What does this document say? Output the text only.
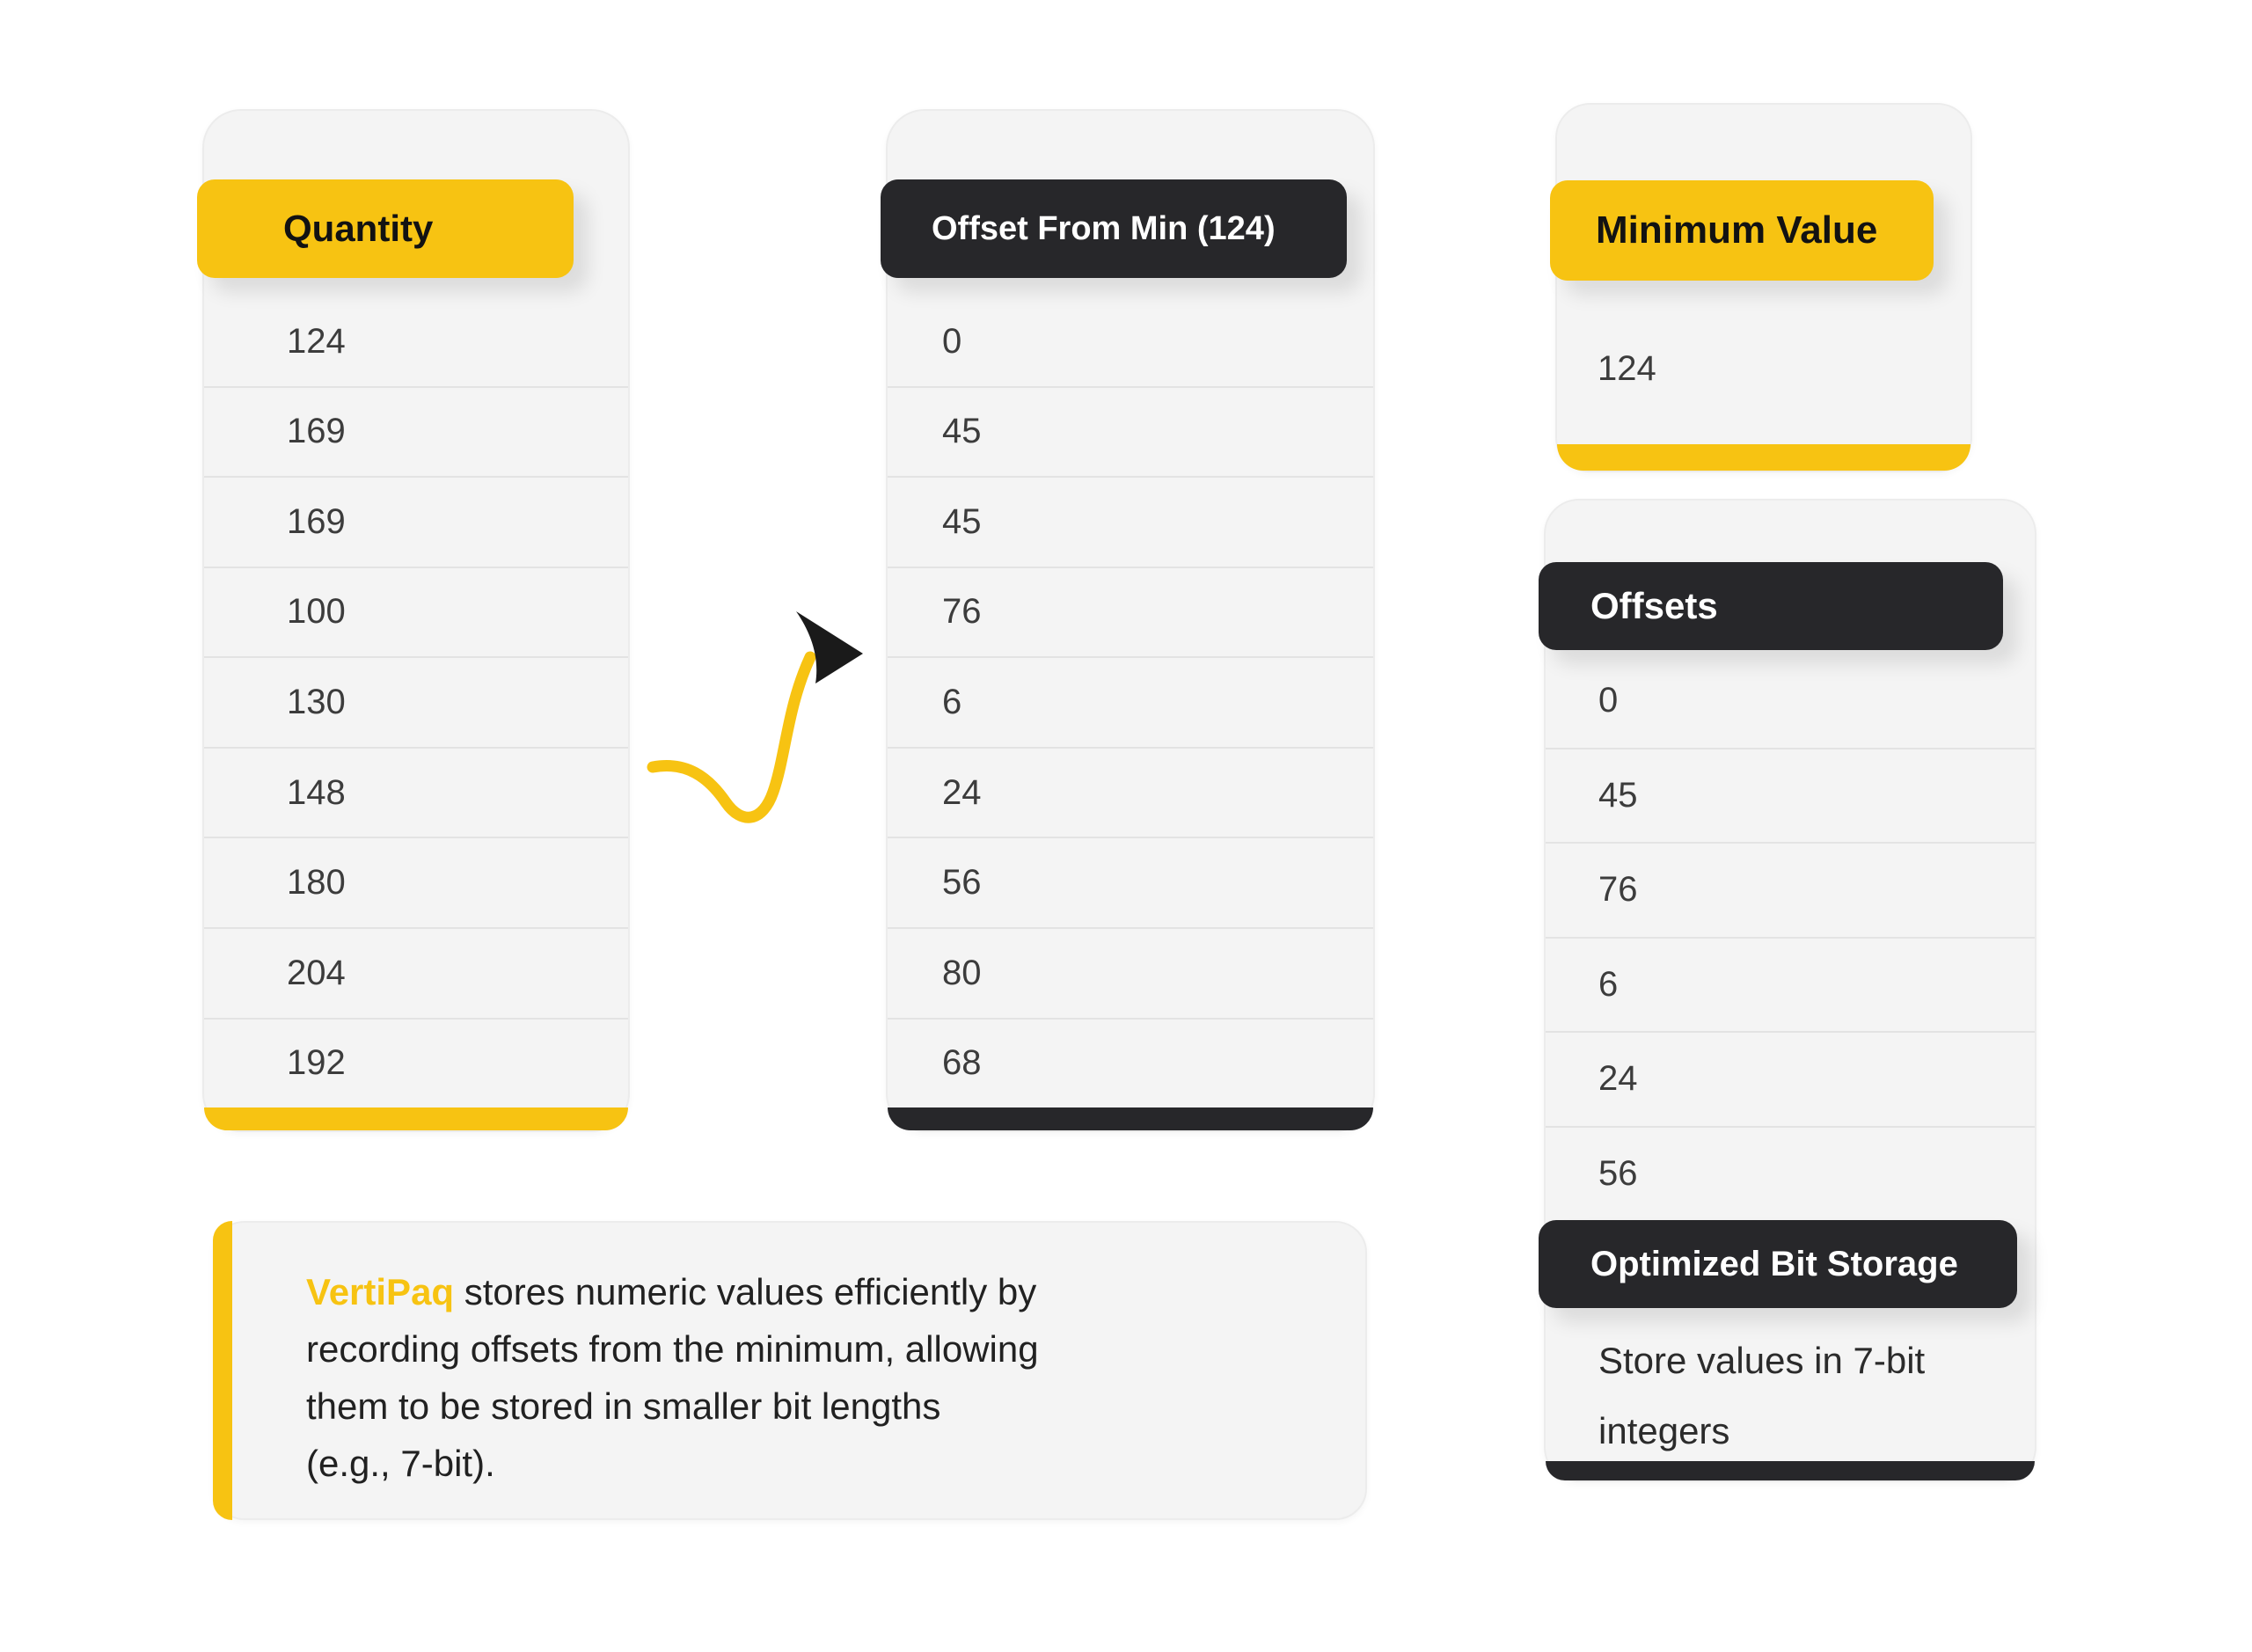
Quantity
124
169
169
100
130
148
180
204
192
Offset From Min (124)
0
45
45
76
6
24
56
80
68
Minimum Value
124
Offsets
0
45
76
6
24
56
Optimized Bit Storage
Store values in 7-bit
integers
VertiPaq stores numeric values efficiently by
recording offsets from the minimum, allowing
them to be stored in smaller bit lengths
(e.g., 7-bit).
